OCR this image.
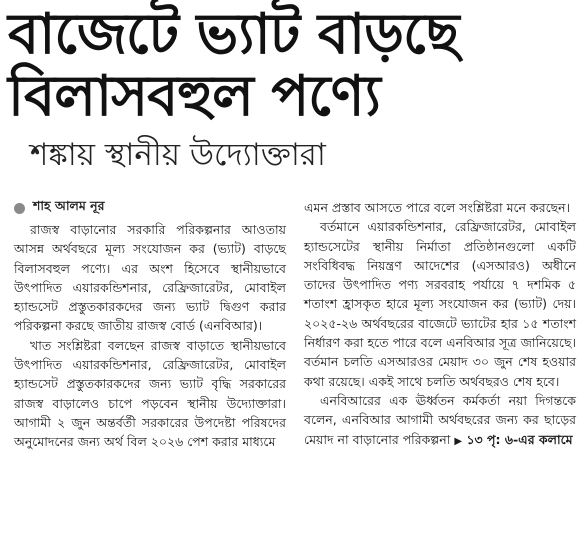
বাজেটে ভ্যাট বাড়ছে
বিলাসবহুল পণ্যে
শঙ্কায় স্থানীয় উদ্যোক্তারা
শাহ আলম নূর

রাজস্ব বাড়ানোর সরকারি পরিকল্পনার আওতায় আসন্ন অর্থবছরে মূল্য সংযোজন কর (ভ্যাট) বাড়ছে বিলাসবহুল পণ্যে। এর অংশ হিসেবে স্থানীয়ভাবে উৎপাদিত এয়ারকন্ডিশনার, রেফ্রিজারেটর, মোবাইল হ্যান্ডসেট প্রস্তুতকারকদের জন্য ভ্যাট দ্বিগুণ করার পরিকল্পনা করছে জাতীয় রাজস্ব বোর্ড (এনবিআর)।

খাত সংশ্লিষ্টরা বলছেন রাজস্ব বাড়াতে স্থানীয়ভাবে উৎপাদিত এয়ারকন্ডিশনার, রেফ্রিজারেটর, মোবাইল হ্যান্ডসেট প্রস্তুতকারকদের জন্য ভ্যাট বৃদ্ধি সরকারের রাজস্ব বাড়ালেও চাপে পড়বেন স্থানীয় উদ্যোক্তারা। আগামী ২ জুন অন্তর্বর্তী সরকারের উপদেষ্টা পরিষদের অনুমোদনের জন্য অর্থ বিল ২০২৬ পেশ করার মাধ্যমে

এমন প্রস্তাব আসতে পারে বলে সংশ্লিষ্টরা মনে করছেন।

বর্তমানে এয়ারকন্ডিশনার, রেফ্রিজারেটর, মোবাইল হ্যান্ডসেটের স্থানীয় নির্মাতা প্রতিষ্ঠানগুলো একটি সংবিধিবদ্ধ নিয়ন্ত্রণ আদেশের (এসআরও) অধীনে তাদের উৎপাদিত পণ্য সরবরাহ পর্যায়ে ৭ দশমিক ৫ শতাংশ হ্রাসকৃত হারে মূল্য সংযোজন কর (ভ্যাট) দেয়। ২০২৫-২৬ অর্থবছরের বাজেটে ভ্যাটের হার ১৫ শতাংশ নির্ধারণ করা হতে পারে বলে এনবিআর সূত্র জানিয়েছে। বর্তমান চলতি এসআরওর মেয়াদ ৩০ জুন শেষ হওয়ার কথা রয়েছে। একই সাথে চলতি অর্থবছরও শেষ হবে।

এনবিআরের এক ঊর্ধ্বতন কর্মকর্তা নয়া দিগন্তকে বলেন, এনবিআর আগামী অর্থবছরের জন্য কর ছাড়ের মেয়াদ না বাড়ানোর পরিকল্পনা ▶ ১৩ পৃ: ৬-এর কলামে
